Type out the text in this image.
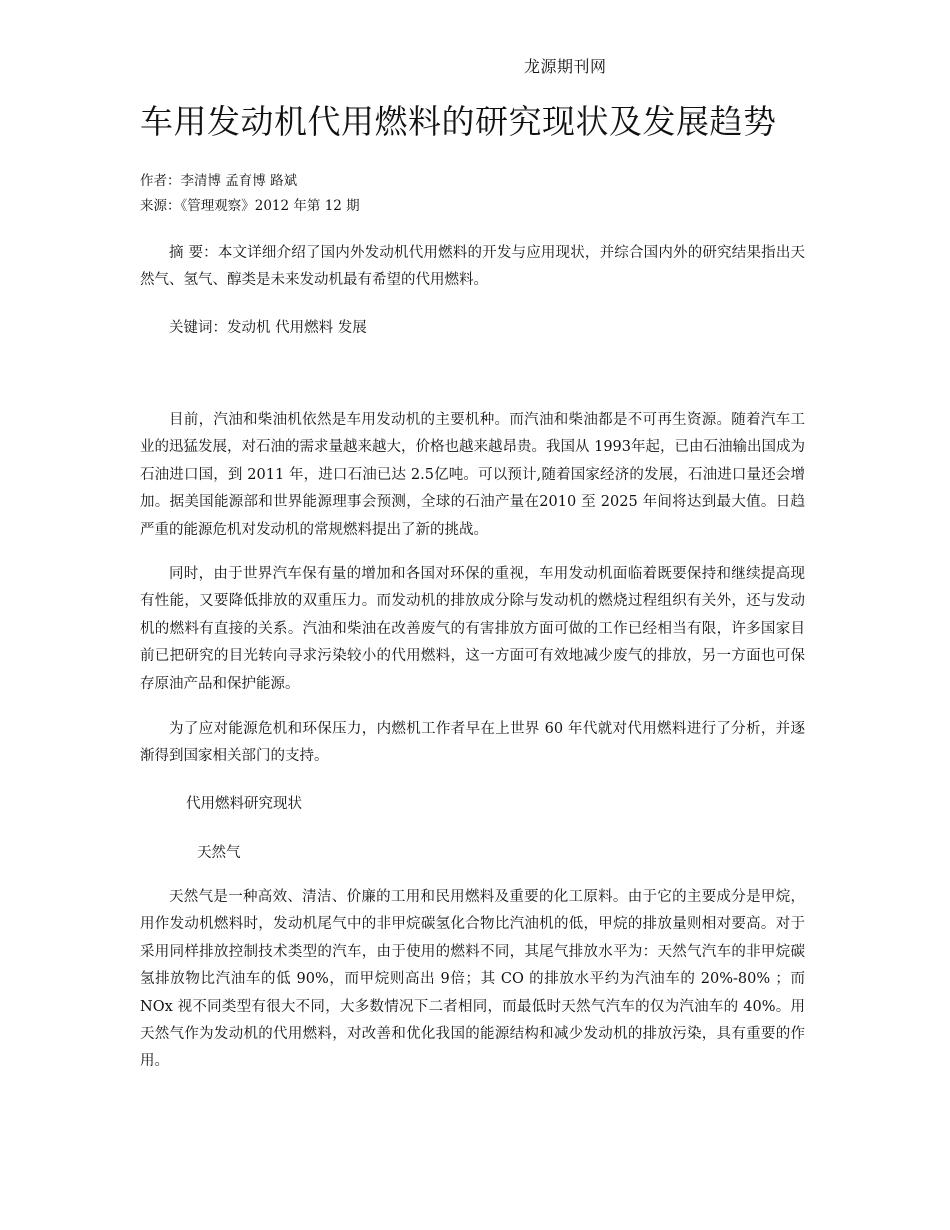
龙源期刊网
车用发动机代用燃料的研究现状及发展趋势
作者：李清博 孟育博 路斌
来源：《管理观察》2012 年第 12 期

摘 要：本文详细介绍了国内外发动机代用燃料的开发与应用现状，并综合国内外的研究结果指出天然气、氢气、醇类是未来发动机最有希望的代用燃料。

关键词：发动机 代用燃料 发展

目前，汽油和柴油机依然是车用发动机的主要机种。而汽油和柴油都是不可再生资源。随着汽车工业的迅猛发展，对石油的需求量越来越大，价格也越来越昂贵。我国从 1993年起，已由石油输出国成为石油进口国，到 2011 年，进口石油已达 2.5亿吨。可以预计,随着国家经济的发展，石油进口量还会增加。据美国能源部和世界能源理事会预测，全球的石油产量在2010 至 2025 年间将达到最大值。日趋严重的能源危机对发动机的常规燃料提出了新的挑战。

同时，由于世界汽车保有量的增加和各国对环保的重视，车用发动机面临着既要保持和继续提高现有性能，又要降低排放的双重压力。而发动机的排放成分除与发动机的燃烧过程组织有关外，还与发动机的燃料有直接的关系。汽油和柴油在改善废气的有害排放方面可做的工作已经相当有限，许多国家目前已把研究的目光转向寻求污染较小的代用燃料，这一方面可有效地减少废气的排放，另一方面也可保存原油产品和保护能源。

为了应对能源危机和环保压力，内燃机工作者早在上世界 60 年代就对代用燃料进行了分析，并逐渐得到国家相关部门的支持。

代用燃料研究现状
天然气

天然气是一种高效、清洁、价廉的工用和民用燃料及重要的化工原料。由于它的主要成分是甲烷，用作发动机燃料时，发动机尾气中的非甲烷碳氢化合物比汽油机的低，甲烷的排放量则相对要高。对于采用同样排放控制技术类型的汽车，由于使用的燃料不同，其尾气排放水平为：天然气汽车的非甲烷碳氢排放物比汽油车的低 90%，而甲烷则高出 9倍；其 CO 的排放水平约为汽油车的 20%-80% ；而 NOx 视不同类型有很大不同，大多数情况下二者相同，而最低时天然气汽车的仅为汽油车的 40%。用天然气作为发动机的代用燃料，对改善和优化我国的能源结构和减少发动机的排放污染，具有重要的作用。
